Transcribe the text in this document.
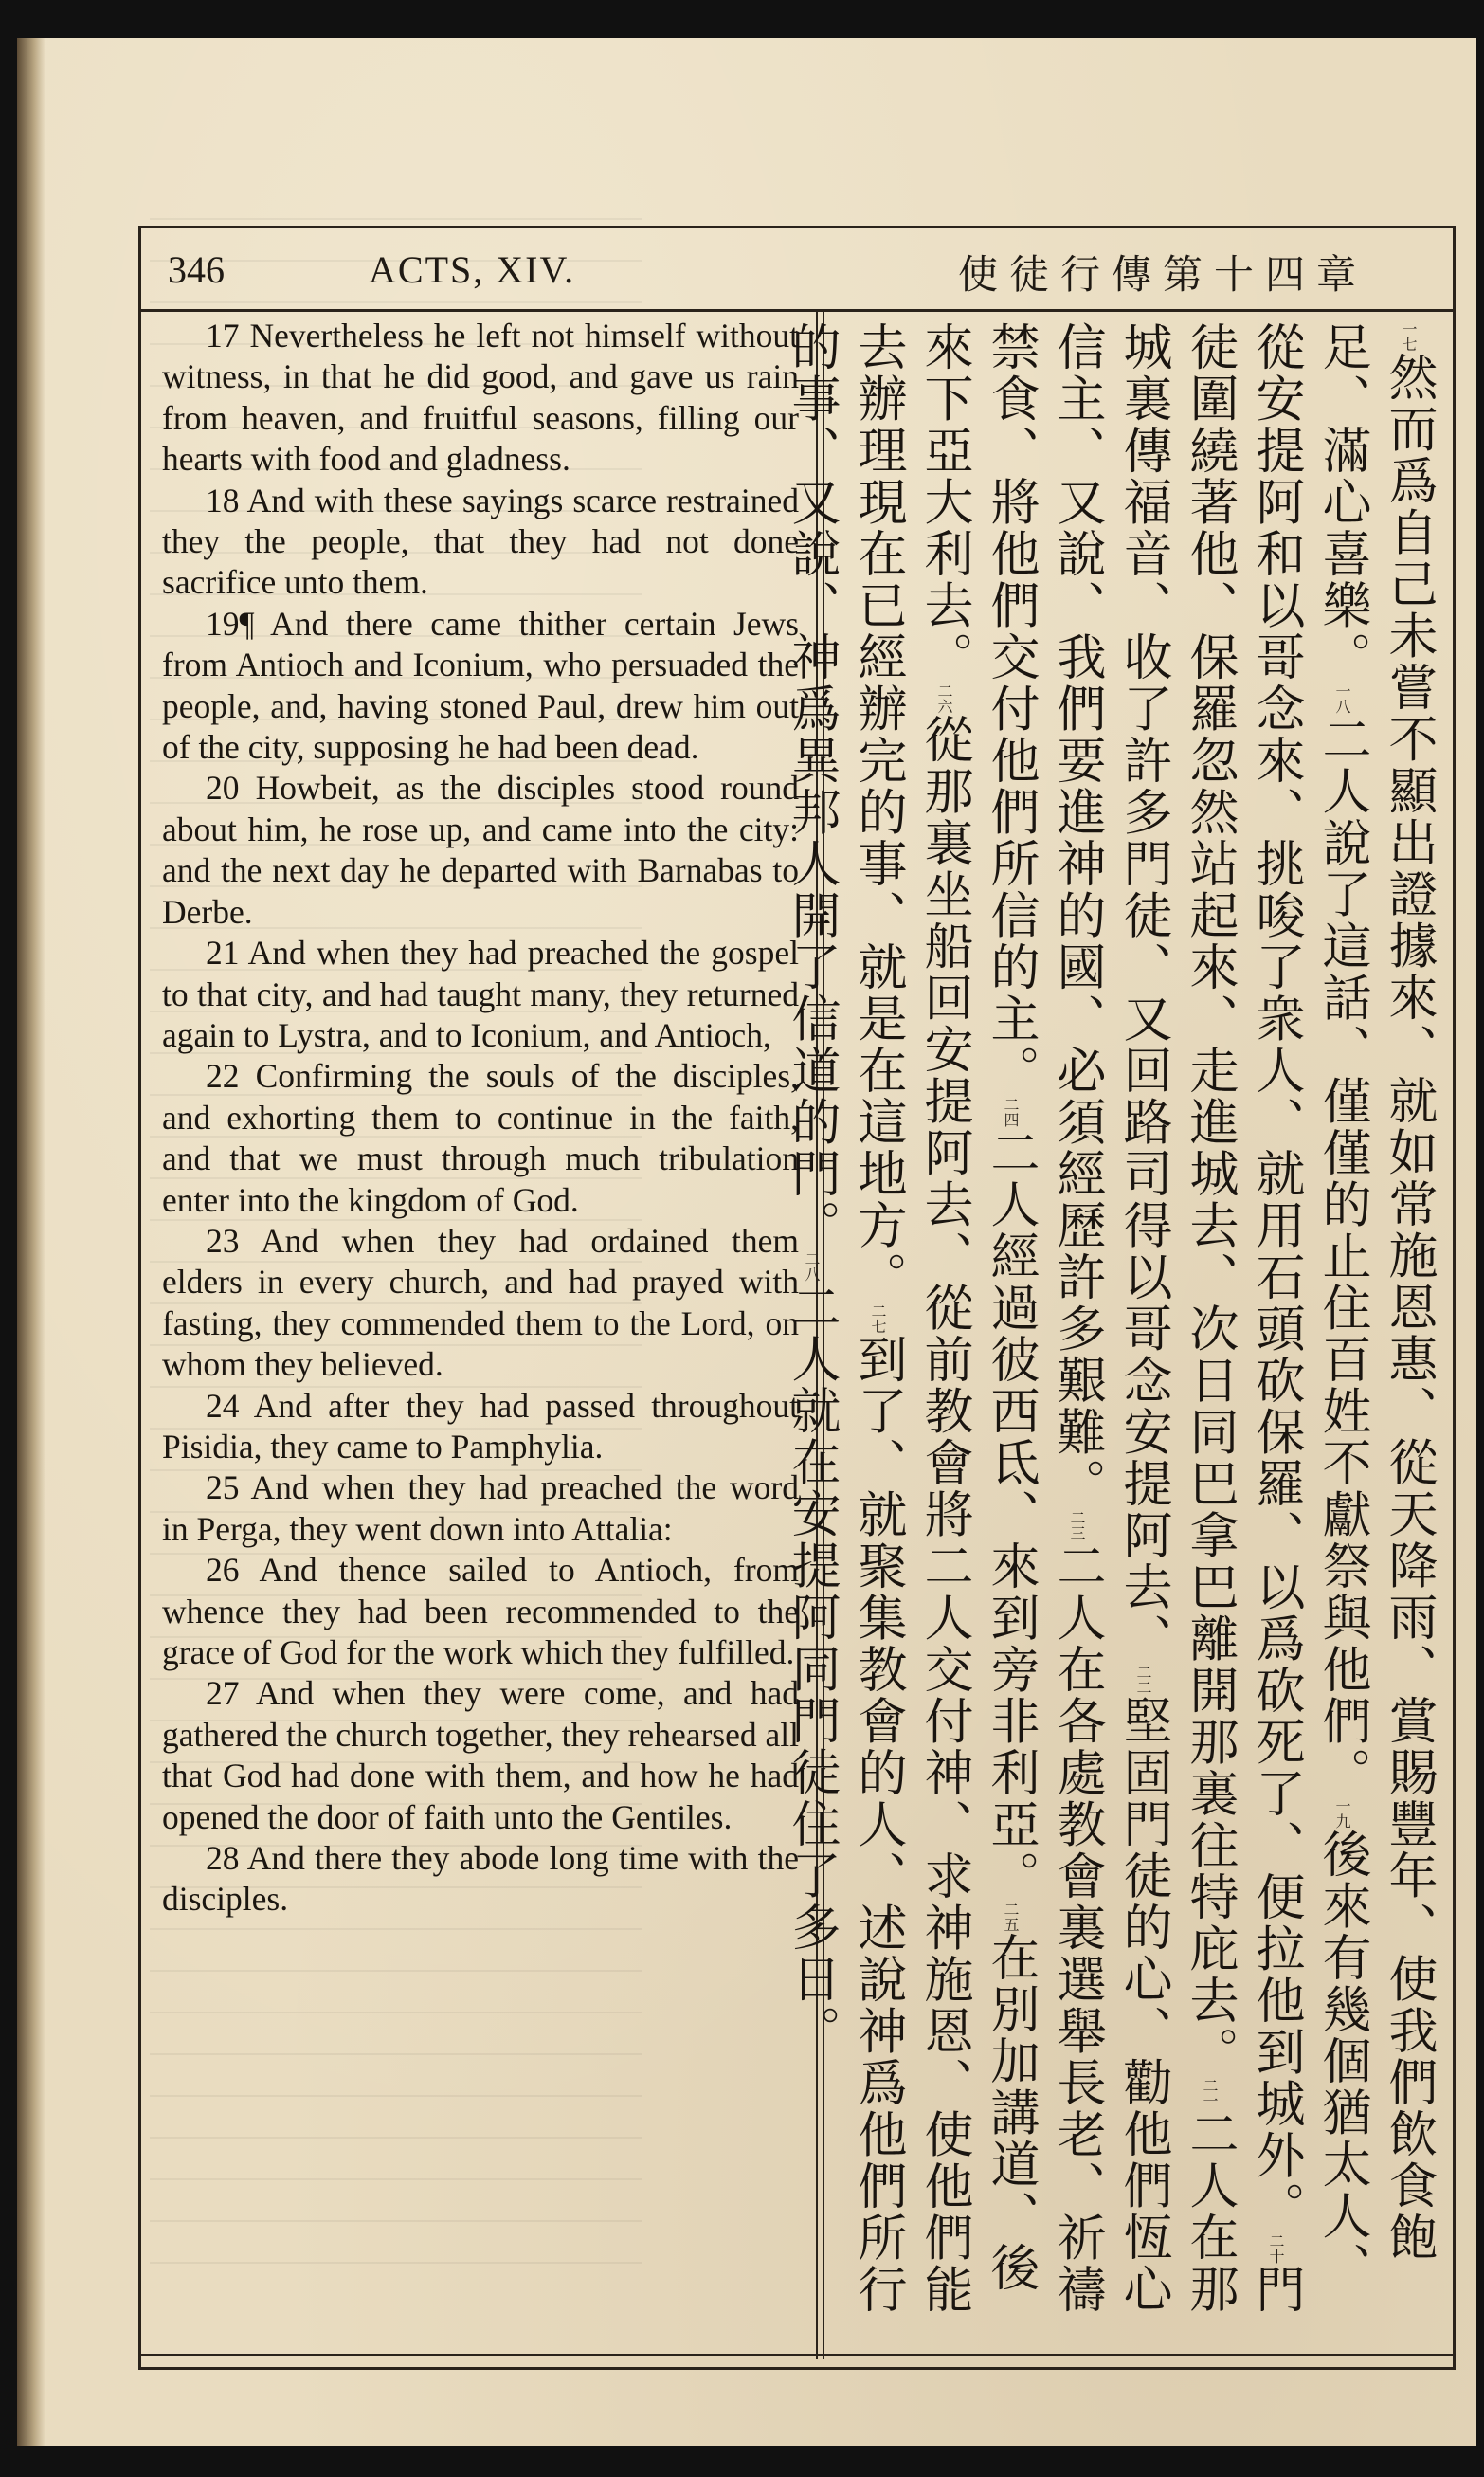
346	ACTS, XIV.	使徒行傳第十四章

17 Nevertheless he left not himself without witness, in that he did good, and gave us rain from heaven, and fruitful seasons, filling our hearts with food and gladness.

18 And with these sayings scarce restrained they the people, that they had not done sacrifice unto them.

19¶ And there came thither certain Jews from Antioch and Iconium, who persuaded the people, and, having stoned Paul, drew him out of the city, supposing he had been dead.

20 Howbeit, as the disciples stood round about him, he rose up, and came into the city: and the next day he departed with Barnabas to Derbe.

21 And when they had preached the gospel to that city, and had taught many, they returned again to Lystra, and to Iconium, and Antioch,

22 Confirming the souls of the disciples, and exhorting them to continue in the faith, and that we must through much tribulation enter into the kingdom of God.

23 And when they had ordained them elders in every church, and had prayed with fasting, they commended them to the Lord, on whom they believed.

24 And after they had passed throughout Pisidia, they came to Pamphylia.

25 And when they had preached the word in Perga, they went down into Attalia:

26 And thence sailed to Antioch, from whence they had been recommended to the grace of God for the work which they fulfilled.

27 And when they were come, and had gathered the church together, they rehearsed all that God had done with them, and how he had opened the door of faith unto the Gentiles.

28 And there they abode long time with the disciples.

一七然而爲自己未嘗不顯出證據來、就如常施恩惠、從天降雨、賞賜豐年、使我們飲食飽足、滿心喜樂。一八二人說了這話、僅僅的止住百姓不獻祭與他們。一九後來有幾個猶太人、從安提阿和以哥念來、挑唆了衆人、就用石頭砍保羅、以爲砍死了、便拉他到城外。二十門徒圍繞著他、保羅忽然站起來、走進城去、次日同巴拿巴離開那裏往特庇去。二一二人在那城裏傳福音、收了許多門徒、又回路司得以哥念安提阿去、二二堅固門徒的心、勸他們恆心信主、又說、我們要進神的國、必須經歷許多艱難。二三二人在各處教會裏選舉長老、祈禱禁食、將他們交付他們所信的主。二四二人經過彼西氐、來到旁非利亞。二五在別加講道、後來下亞大利去。二六從那裏坐船回安提阿去、從前教會將二人交付神、求神施恩、使他們能去辦理現在已經辦完的事、就是在這地方。二七到了、就聚集教會的人、述說神爲他們所行的事、又說、神爲異邦人開了信道的門。二八二人就在安提阿同門徒住了多日。
